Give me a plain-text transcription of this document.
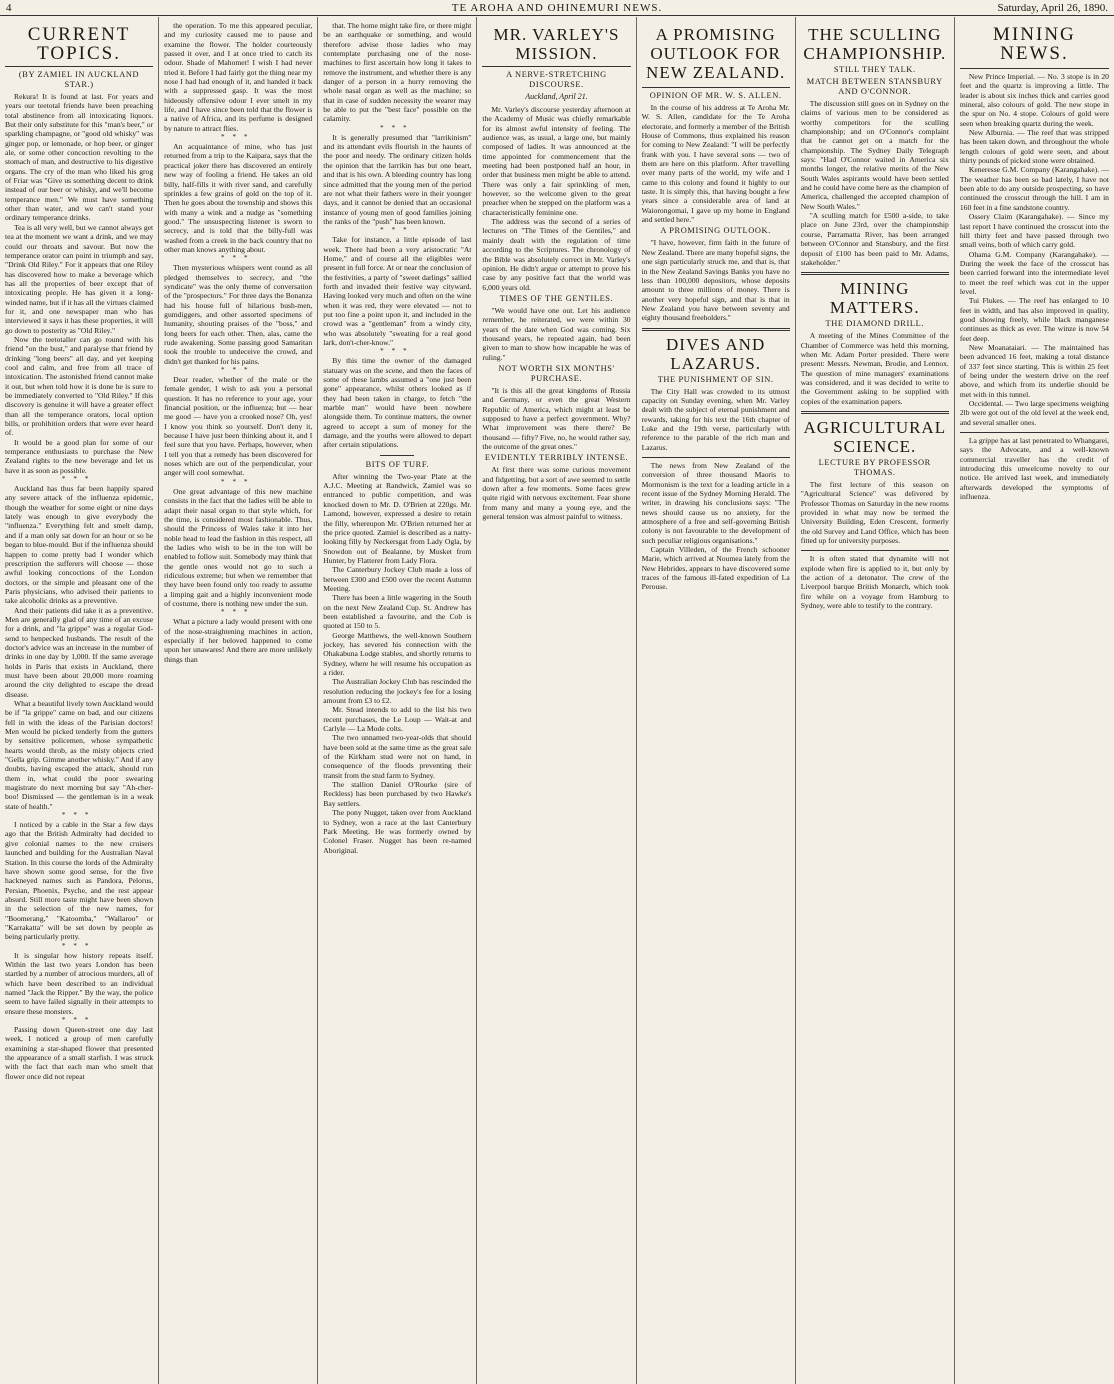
4	TE AROHA AND OHINEMURI NEWS.	Saturday, April 26, 1890.
CURRENT TOPICS.
(BY ZAMIEL IN AUCKLAND STAR.)

Rekura! It is found at last. For years and years our teetotal friends have been preaching total abstinence from all intoxicating liquors. But their only substitute for this "man's beer," or sparkling champagne, or "good old whisky" was ginger pop, or lemonade, or hop beer, or ginger ale, or some other concoction revolting to the stomach of man, and destructive to his digestive organs. The cry of the man who liked his grog of Friar was "Give us something decent to drink instead of our beer or whisky, and we'll become temperance men." We must have something other than water, and we can't stand your ordinary temperance drinks.

Tea is all very well, but we cannot always get tea at the moment we want a drink, and we may could our throats and savour. But now the temperance orator can point in triumph and say, "Drink Old Riley." For it appears that one Riley has discovered how to make a beverage which has all the properties of beer except that of intoxicating people. He has given it a long-winded name, but if it has all the virtues claimed for it, and one newspaper man who has interviewed it says it has these properties, it will go down to posterity as "Old Riley."

Now the teetotaller can go round with his friend "on the bust," and paralyse that friend by drinking "long beers" all day, and yet keeping cool and calm, and free from all trace of intoxication. The astonished friend cannot make it out, but when told how it is done he is sure to be immediately converted to "Old Riley." If this discovery is genuine it will have a greater effect than all the temperance orators, local option bills, or prohibition orders that were ever heard of.

It would be a good plan for some of our temperance enthusiasts to purchase the New Zealand rights to the new beverage and let us have it as soon as possible.

***

Auckland has thus far been happily spared any severe attack of the influenza epidemic, though the weather for some eight or nine days lately was enough to give everybody the "influenza." Everything felt and smelt damp, and if a man only sat down for an hour or so he began to blue-mould. But if the influenza should happen to come pretty bad I wonder which prescription the sufferers will choose — those awful looking concoctions of the London doctors, or the simple and pleasant one of the Paris physicians, who advised their patients to take alcoholic drinks as a preventive.

And their patients did take it as a preventive. Men are generally glad of any time of an excuse for a drink, and "la grippe" was a regular God-send to henpecked husbands. The result of the doctor's advice was an increase in the number of drinks in one day by 1,000. If the same average holds in Paris that exists in Auckland, there must have been about 20,000 more roaming around the city delighted to escape the dread disease.

What a beautiful lively town Auckland would be if "la grippe" came on bad, and our citizens fell in with the ideas of the Parisian doctors! Men would be picked tenderly from the gutters by sensitive policemen, whose sympathetic hearts would throb, as the misty objects cried "Gella grip. Gimme another whisky." And if any doubts, having escaped the attack, should run them in, what could the poor swearing magistrate do next morning but say "Ah-cher-boo! Dismissed — the gentleman is in a weak state of health."

***

I noticed by a cable in the Star a few days ago that the British Admiralty had decided to give colonial names to the new cruisers launched and building for the Australian Naval Station. In this course the lords of the Admiralty have shown some good sense, for the five hackneyed names such as Pandora, Pelorus, Persian, Phoenix, Psyche, and the rest appear absurd. Still more taste might have been shown in the selection of the new names, for "Boomerang," "Katoomba," "Wallaroo" or "Karrakatta" will be set down by people as being particularly pretty.

***

It is singular how history repeats itself. Within the last two years London has been startled by a number of atrocious murders, all of which have been described to an individual named "Jack the Ripper." By the way, the police seem to have failed signally in their attempts to ensure these monsters.

***

Passing down Queen-street one day last week, I noticed a group of men carefully examining a star-shaped flower that presented the appearance of a small starfish. I was struck with the fact that each man who smelt that flower once did not repeat

the operation. To me this appeared peculiar, and my curiosity caused me to pause and examine the flower. The holder courteously passed it over, and I at once tried to catch its odour. Shade of Mahomet! I wish I had never tried it. Before I had fairly got the thing near my nose I had had enough of it, and handed it back with a suppressed gasp. It was the most hideously offensive odour I ever smelt in my life, and I have since been told that the flower is a native of Africa, and its perfume is designed by nature to attract flies.

***

An acquaintance of mine, who has just returned from a trip to the Kaipara, says that the practical joker there has discovered an entirely new way of fooling a friend. He takes an old billy, half-fills it with river sand, and carefully sprinkles a few grains of gold on the top of it. Then he goes about the township and shows this with many a wink and a nudge as "something good." The unsuspecting listener is sworn to secrecy, and is told that the billy-full was washed from a creek in the back country that no other man knows anything about.

***

Then mysterious whispers went round as all pledged themselves to secrecy, and "the syndicate" was the only theme of conversation of the "prospectors." For three days the Bonanza had his house full of hilarious bush-men, gumdiggers, and other assorted specimens of humanity, shouting praises of the "boss," and long beers for each other. Then, alas, came the rude awakening. Some passing good Samaritan took the trouble to undeceive the crowd, and didn't get thanked for his pains.

***

Dear reader, whether of the male or the female gender, I wish to ask you a personal question. It has no reference to your age, your financial position, or the influenza; but — hear me good — have you a crooked nose? Oh, yes! I know you think so yourself. Don't deny it, because I have just been thinking about it, and I feel sure that you have. Perhaps, however, when I tell you that a remedy has been discovered for noses which are out of the perpendicular, your anger will cool somewhat.

***

One great advantage of this new machine consists in the fact that the ladies will be able to adapt their nasal organ to that style which, for the time, is considered most fashionable. Thus, should the Princess of Wales take it into her noble head to lead the fashion in this respect, all the ladies who wish to be in the ton will be enabled to follow suit. Somebody may think that the gentle ones would not go to such a ridiculous extreme; but when we remember that they have been found only too ready to assume a limping gait and a highly inconvenient mode of costume, there is nothing new under the sun.

***

What a picture a lady would present with one of the nose-straightening machines in action, especially if her beloved happened to come upon her unawares! And there are more unlikely things than

that. The home might take fire, or there might be an earthquake or something, and would therefore advise those ladies who may contemplate purchasing one of the nose-machines to first ascertain how long it takes to remove the instrument, and whether there is any danger of a person in a hurry removing the whole nasal organ as well as the machine; so that in case of sudden necessity the wearer may be able to put the "best face" possible on the calamity.

***

It is generally presumed that "larrikinism" and its attendant evils flourish in the haunts of the poor and needy. The ordinary citizen holds the opinion that the larrikin has but one heart, and that is his own. A bleeding country has long since admitted that the young men of the period are not what their fathers were in their younger days, and it cannot be denied that an occasional instance of young men of good families joining the ranks of the "push" has been known.

***

Take for instance, a little episode of last week. There had been a very aristocratic "At Home," and of course all the eligibles were present in full force. At or near the conclusion of the festivities, a party of "sweet darlings" sallied forth and invaded their festive way cityward. Having looked very much and often on the wine when it was red, they were elevated — not to put too fine a point upon it, and included in the crowd was a "gentleman" from a windy city, who was absolutely "sweating for a real good lark, don't-cher-know."

***

By this time the owner of the damaged statuary was on the scene, and then the faces of some of these lambs assumed a "one just been gone" appearance, whilst others looked as if they had been taken in charge, to fetch "the marble man" would have been nowhere alongside them. To continue matters, the owner agreed to accept a sum of money for the damage, and the youths were allowed to depart after certain stipulations.

BITS OF TURF.

After winning the Two-year Plate at the A.J.C. Meeting at Randwick, Zamiel was so entranced to public competition, and was knocked down to Mr. D. O'Brien at 220gs. Mr. Lamond, however, expressed a desire to retain the filly, whereupon Mr. O'Brien returned her at the price quoted. Zamiel is described as a natty-looking filly by Neckersgat from Lady Ogla, by Snowdon out of Bealanne, by Musket from Hunter, by Flatterer from Lady Flora.

The Canterbury Jockey Club made a loss of between £300 and £500 over the recent Autumn Meeting.

There has been a little wagering in the South on the next New Zealand Cup. St. Andrew has been established a favourite, and the Cob is quoted at 150 to 5.

George Matthews, the well-known Southern jockey, has severed his connection with the Ohakabuna Lodge stables, and shortly returns to Sydney, where he will resume his occupation as a rider.

The Australian Jockey Club has rescinded the resolution reducing the jockey's fee for a losing amount from £3 to £2.

Mr. Stead intends to add to the list his two recent purchases, the Le Loup — Wait-at and Carlyle — La Mode colts.

The two unnamed two-year-olds that should have been sold at the same time as the great sale of the Kirkham stud were not on hand, in consequence of the floods preventing their transit from the stud farm to Sydney.

The stallion Daniel O'Rourke (sire of Reckless) has been purchased by two Hawke's Bay settlers.

The pony Nugget, taken over from Auckland to Sydney, won a race at the last Canterbury Park Meeting. He was formerly owned by Colonel Fraser. Nugget has been re-named Aboriginal.

MR. VARLEY'S MISSION.
A NERVE-STRETCHING DISCOURSE.
Auckland, April 21.

Mr. Varley's discourse yesterday afternoon at the Academy of Music was chiefly remarkable for its almost awful intensity of feeling. The audience was, as usual, a large one, but mainly composed of ladies. It was announced at the time appointed for commencement that the meeting had been postponed half an hour, in order that business men might be able to attend. There was only a fair sprinkling of men, however, so the welcome given to the great preacher when he stepped on the platform was a characteristically feminine one.

The address was the second of a series of lectures on "The Times of the Gentiles," and mainly dealt with the regulation of time according to the Scriptures. The chronology of the Bible was absolutely correct in Mr. Varley's opinion. He didn't argue or attempt to prove his case by any positive fact that the world was 6,000 years old.

TIMES OF THE GENTILES.

"We would have one out. Let his audience remember, he reiterated, we were within 30 years of the date when God was coming. Six thousand years, he repeated again, had been given to man to show how incapable he was of ruling."

NOT WORTH SIX MONTHS' PURCHASE.

"It is this all the great kingdoms of Russia and Germany, or even the great Western Republic of America, which might at least be supposed to have a perfect government. Why? What improvement was there there? Be thousand — fifty? Five, no, he would rather say, the outcome of the great ones."

EVIDENTLY TERRIBLY INTENSE.

At first there was some curious movement and fidgetting, but a sort of awe seemed to settle down after a few moments. Some faces grew quite rigid with nervous excitement. Fear shone from many and many a young eye, and the general tension was almost painful to witness.

A PROMISING OUTLOOK FOR NEW ZEALAND.
OPINION OF MR. W. S. ALLEN.

In the course of his address at Te Aroha Mr. W. S. Allen, candidate for the Te Aroha electorate, and formerly a member of the British House of Commons, thus explained his reason for coming to New Zealand: "I will be perfectly frank with you. I have several sons — two of them are here on this platform. After travelling over many parts of the world, my wife and I came to this colony and found it highly to our taste. It is simply this, that having bought a few years since a considerable area of land at Waiorongomai, I gave up my home in England and settled here."

A PROMISING OUTLOOK.

"I have, however, firm faith in the future of New Zealand. There are many hopeful signs, the one sign particularly struck me, and that is, that in the New Zealand Savings Banks you have no less than 100,000 depositors, whose deposits amount to three millions of money. There is another very hopeful sign, and that is that in New Zealand you have between seventy and eighty thousand freeholders."

DIVES AND LAZARUS.
THE PUNISHMENT OF SIN.

The City Hall was crowded to its utmost capacity on Sunday evening, when Mr. Varley dealt with the subject of eternal punishment and rewards, taking for his text the 16th chapter of Luke and the 19th verse, particularly with reference to the parable of the rich man and Lazarus.

The news from New Zealand of the conversion of three thousand Maoris to Mormonism is the text for a leading article in a recent issue of the Sydney Morning Herald. The writer, in drawing his conclusions says: "The news should cause us no anxiety, for the atmosphere of a free and self-governing British colony is not favourable to the development of such peculiar religious organisations."

Captain Villeden, of the French schooner Marie, which arrived at Noumea lately from the New Hebrides, appears to have discovered some traces of the famous ill-fated expedition of La Perouse.

THE SCULLING CHAMPIONSHIP.
STILL THEY TALK.
MATCH BETWEEN STANSBURY AND O'CONNOR.

The discussion still goes on in Sydney on the claims of various men to be considered as worthy competitors for the sculling championship; and on O'Connor's complaint that he cannot get on a match for the championship. The Sydney Daily Telegraph says: "Had O'Connor waited in America six months longer, the relative merits of the New South Wales aspirants would have been settled and he could have come here as the champion of America, challenged the accepted champion of New South Wales."

"A sculling match for £500 a-side, to take place on June 23rd, over the championship course, Parramatta River, has been arranged between O'Connor and Stansbury, and the first deposit of £100 has been paid to Mr. Adams, stakeholder."

MINING MATTERS.
THE DIAMOND DRILL.

A meeting of the Mines Committee of the Chamber of Commerce was held this morning, when Mr. Adam Porter presided. There were present: Messrs. Newman, Brodie, and Lennox. The question of mine managers' examinations was considered, and it was decided to write to the Government asking to be supplied with copies of the examination papers.

AGRICULTURAL SCIENCE.
LECTURE BY PROFESSOR THOMAS.

The first lecture of this season on "Agricultural Science" was delivered by Professor Thomas on Saturday in the new rooms provided in what may now be termed the University Building, Eden Crescent, formerly the old Survey and Land Office, which has been fitted up for university purposes.

It is often stated that dynamite will not explode when fire is applied to it, but only by the action of a detonator. The crew of the Liverpool barque British Monarch, which took fire while on a voyage from Hamburg to Sydney, were able to testify to the contrary.

MINING NEWS.

New Prince Imperial. — No. 3 stope is in 20 feet and the quartz is improving a little. The leader is about six inches thick and carries good mineral, also colours of gold. The new stope in the spur on No. 4 stope. Colours of gold were seen when breaking quartz during the week.

New Alburnia. — The reef that was stripped has been taken down, and throughout the whole length colours of gold were seen, and about thirty pounds of picked stone were obtained.

Keneresse G.M. Company (Karangahake). — The weather has been so bad lately, I have not been able to do any outside prospecting, so have continued the crosscut through the hill. I am in 160 feet in a fine sandstone country.

Ossery Claim (Karangahake). — Since my last report I have continued the crosscut into the hill thirty feet and have passed through two small veins, both of which carry gold.

Ohama G.M. Company (Karangahake). — During the week the face of the crosscut has been carried forward into the intermediate level to meet the reef which was cut in the upper level.

Tui Flukes. — The reef has enlarged to 10 feet in width, and has also improved in quality, good showing freely, while black manganese continues as thick as ever. The winze is now 54 feet deep.

New Moanataiari. — The maintained has been advanced 16 feet, making a total distance of 337 feet since starting. This is within 25 feet of being under the western drive on the reef above, and which from its underlie should be met with in this tunnel.

Occidental. — Two large specimens weighing 2lb were got out of the old level at the week end, and several smaller ones.

La grippe has at last penetrated to Whangarei, says the Advocate, and a well-known commercial traveller has the credit of introducing this unwelcome novelty to our notice. He arrived last week, and immediately afterwards developed the symptoms of influenza.
